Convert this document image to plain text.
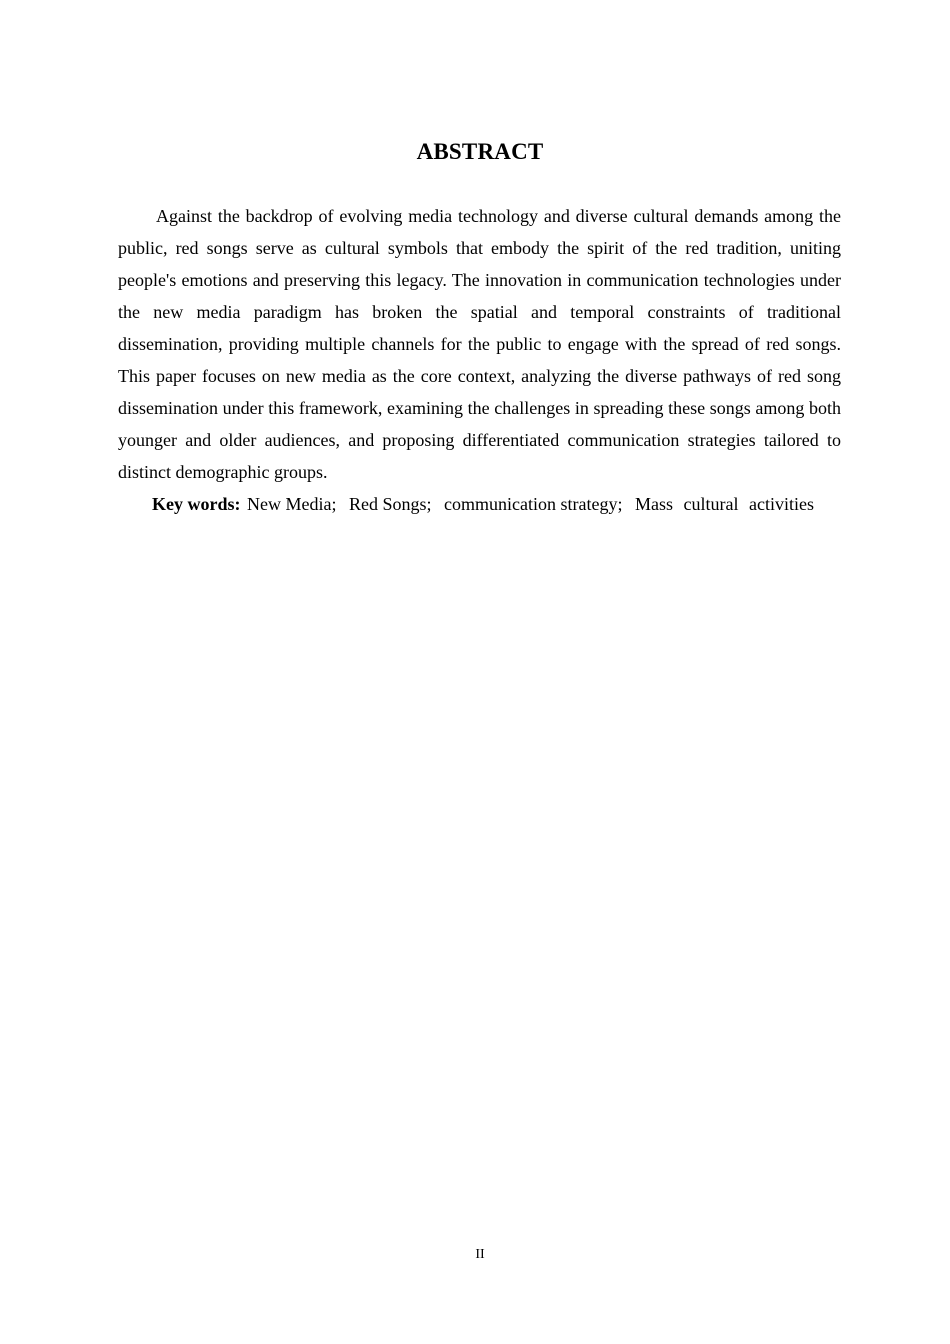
ABSTRACT

Against the backdrop of evolving media technology and diverse cultural demands among the public, red songs serve as cultural symbols that embody the spirit of the red tradition, uniting people's emotions and preserving this legacy. The innovation in communication technologies under the new media paradigm has broken the spatial and temporal constraints of traditional dissemination, providing multiple channels for the public to engage with the spread of red songs. This paper focuses on new media as the core context, analyzing the diverse pathways of red song dissemination under this framework, examining the challenges in spreading these songs among both younger and older audiences, and proposing differentiated communication strategies tailored to distinct demographic groups.

Key words: New Media; Red Songs; communication strategy; Mass cultural activities

II
